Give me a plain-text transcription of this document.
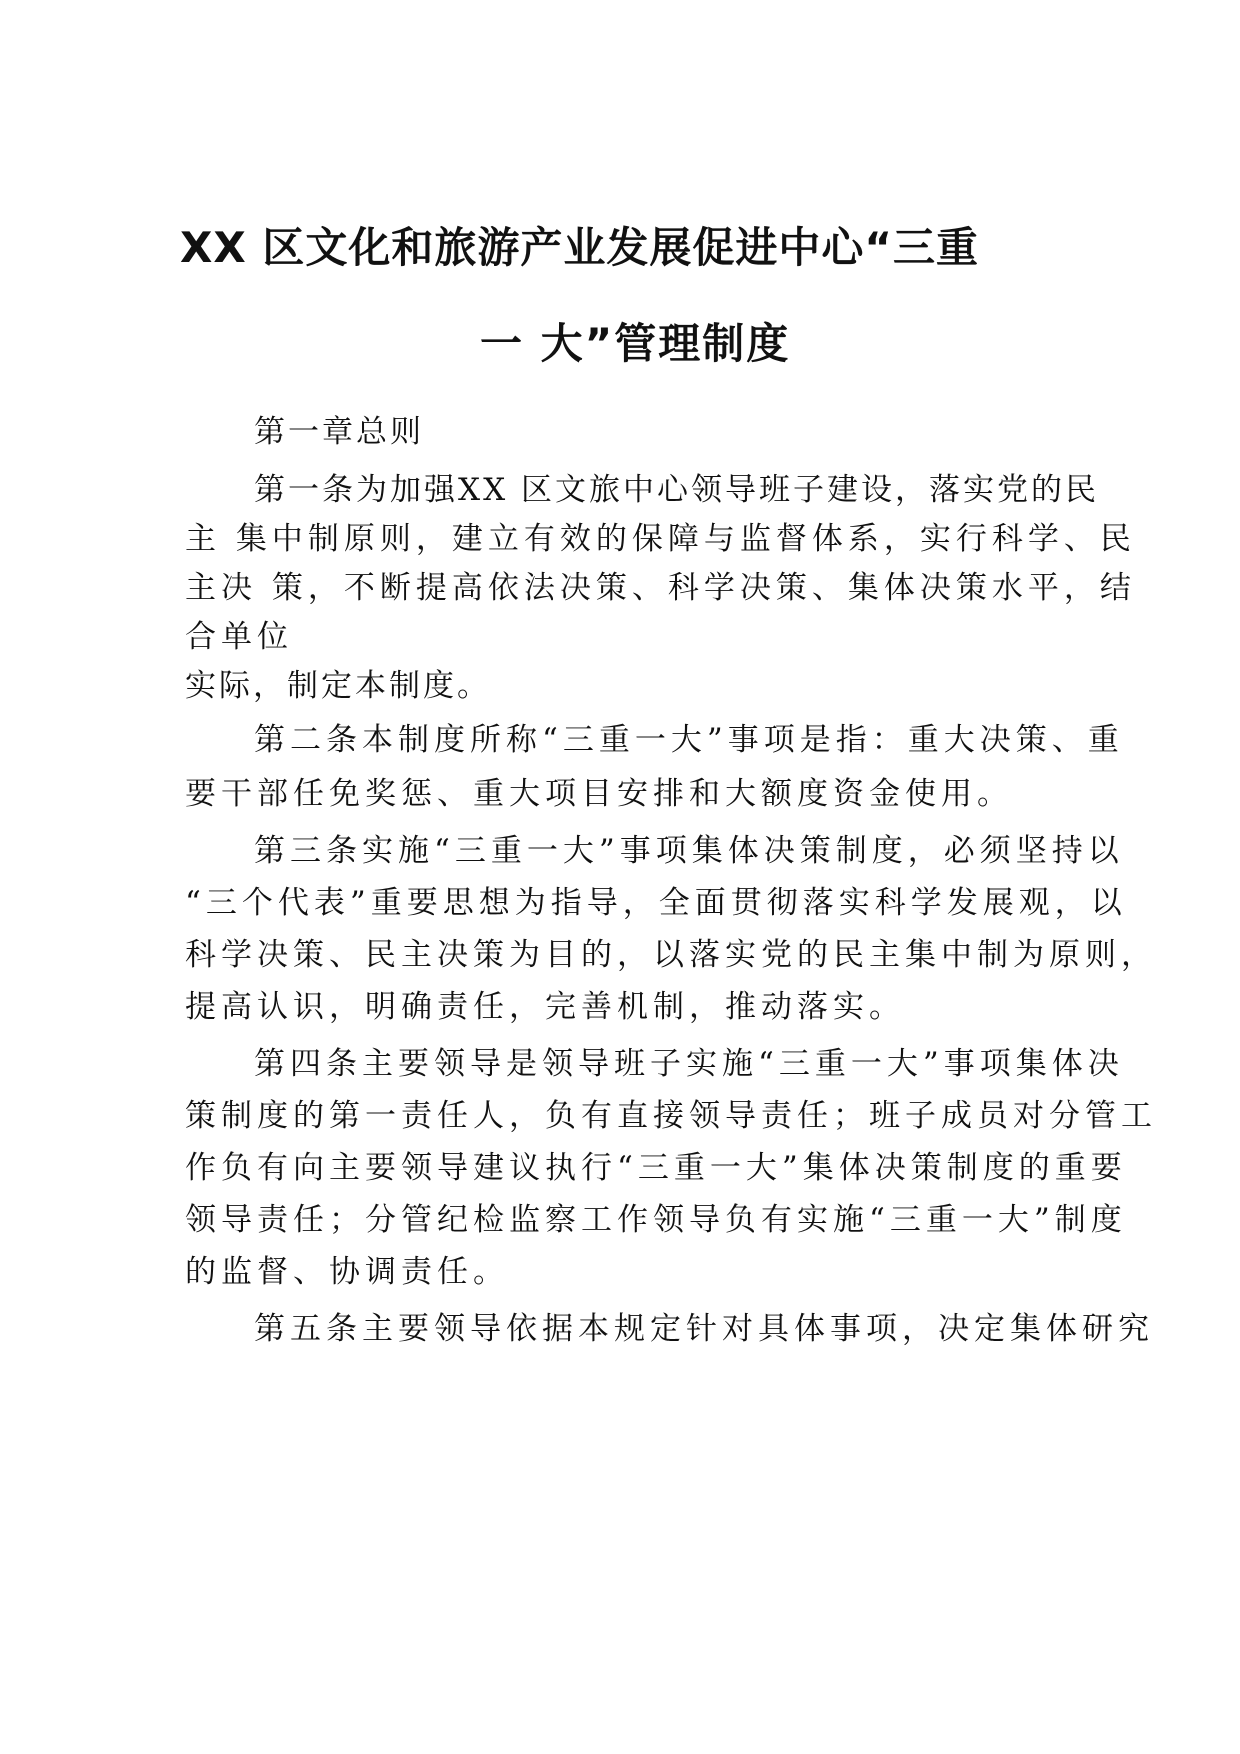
XX 区文化和旅游产业发展促进中心“三重
一 大”管理制度
第一章总则
第一条为加强XX 区文旅中心领导班子建设，落实党的民
主 集中制原则，建立有效的保障与监督体系，实行科学、民
主决 策，不断提高依法决策、科学决策、集体决策水平，结
合单位
实际，制定本制度。
第二条本制度所称“三重一大”事项是指：重大决策、重
要干部任免奖惩、重大项目安排和大额度资金使用。
第三条实施“三重一大”事项集体决策制度，必须坚持以
“三个代表”重要思想为指导，全面贯彻落实科学发展观，以
科学决策、民主决策为目的，以落实党的民主集中制为原则，
提高认识，明确责任，完善机制，推动落实。
第四条主要领导是领导班子实施“三重一大”事项集体决
策制度的第一责任人，负有直接领导责任；班子成员对分管工
作负有向主要领导建议执行“三重一大”集体决策制度的重要
领导责任；分管纪检监察工作领导负有实施“三重一大”制度
的监督、协调责任。
第五条主要领导依据本规定针对具体事项，决定集体研究
